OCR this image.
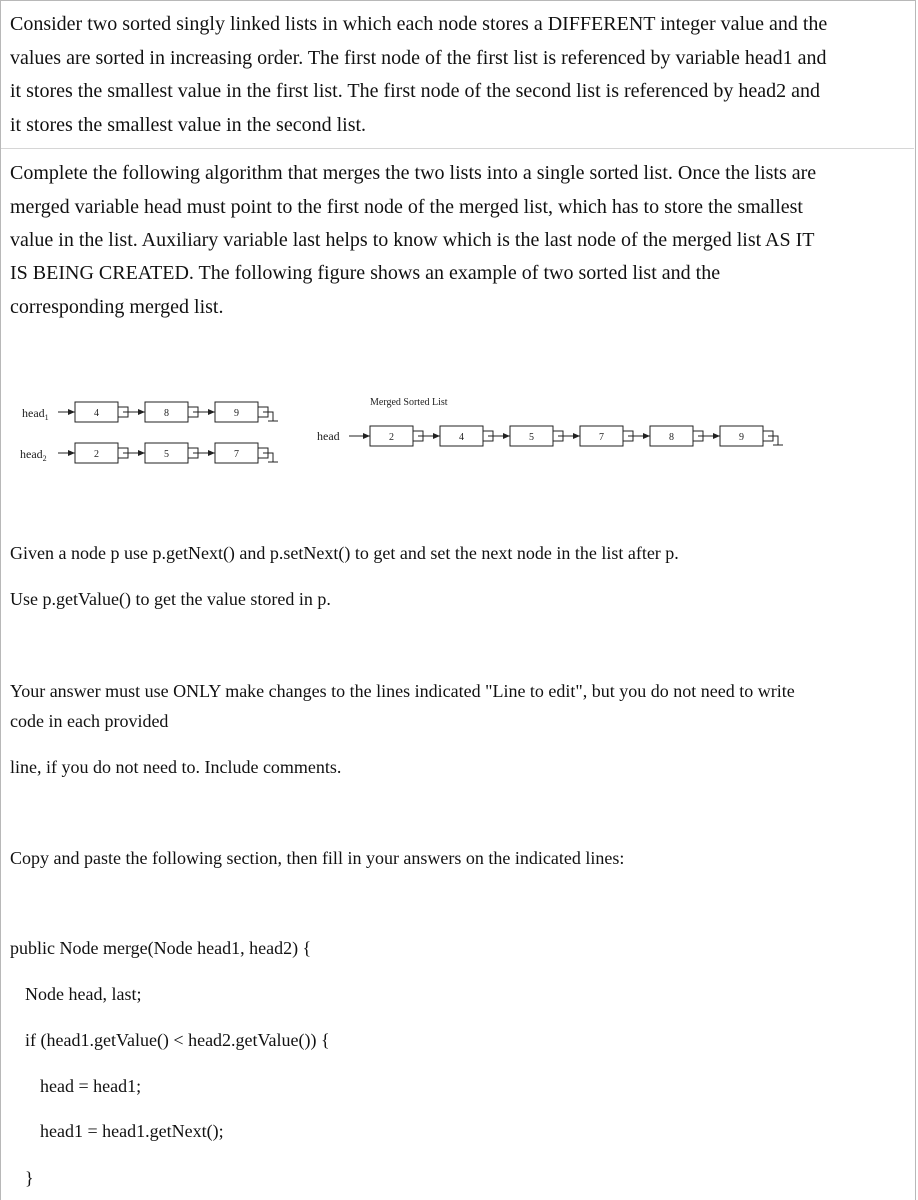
Consider two sorted singly linked lists in which each node stores a DIFFERENT integer value and the

values are sorted in increasing order. The first node of the first list is referenced by variable head1 and

it stores the smallest value in the first list. The first node of the second list is referenced by head2 and

it stores the smallest value in the second list.

Complete the following algorithm that merges the two lists into a single sorted list. Once the lists are

merged variable head must point to the first node of the merged list, which has to store the smallest

value in the list. Auxiliary variable last helps to know which is the last node of the merged list AS IT

IS BEING CREATED. The following figure shows an example of two sorted list and the

corresponding merged list.

head$_1$
head$_2$
Merged Sorted List
head
4	8	9
2	5	7
2	4	5	7	8	9

Given a node p use p.getNext() and p.setNext() to get and set the next node in the list after p.

Use p.getValue() to get the value stored in p.

Your answer must use ONLY make changes to the lines indicated "Line to edit", but you do not need to write

code in each provided

line, if you do not need to. Include comments.

Copy and paste the following section, then fill in your answers on the indicated lines:

public Node merge(Node head1, head2) {

Node head, last;

if (head1.getValue() < head2.getValue()) {

head = head1;

head1 = head1.getNext();

}
